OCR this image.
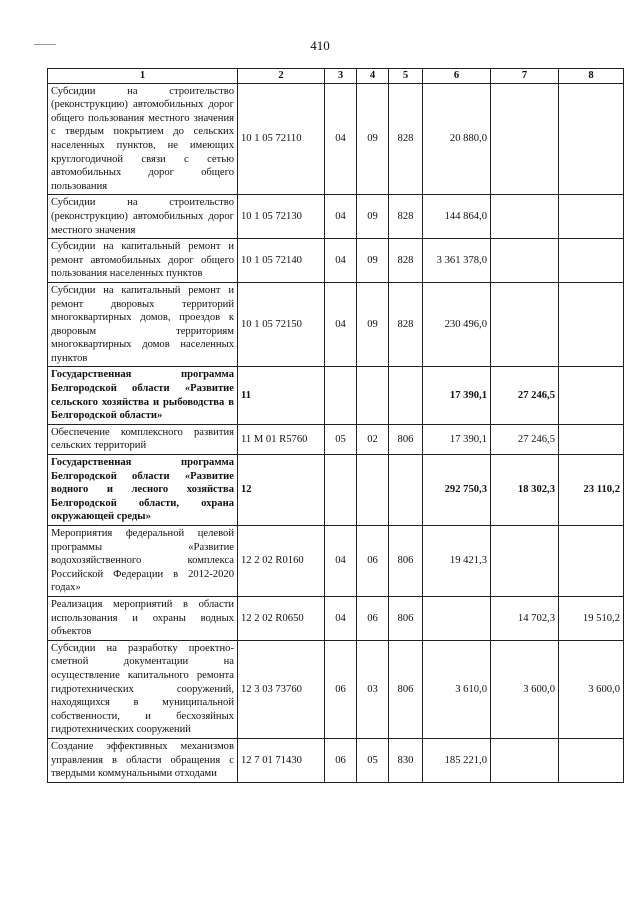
410
1	2	3	4	5	6	7	8
Субсидии на строительство (реконструкцию) автомобильных дорог общего пользования местного значения с твердым покрытием до сельских населенных пунктов, не имеющих круглогодичной связи с сетью автомобильных дорог общего пользования	10 1 05 72110	04	09	828	20 880,0		
Субсидии на строительство (реконструкцию) автомобильных дорог местного значения	10 1 05 72130	04	09	828	144 864,0		
Субсидии на капитальный ремонт и ремонт автомобильных дорог общего пользования населенных пунктов	10 1 05 72140	04	09	828	3 361 378,0		
Субсидии на капитальный ремонт и ремонт дворовых территорий многоквартирных домов, проездов к дворовым территориям многоквартирных домов населенных пунктов	10 1 05 72150	04	09	828	230 496,0		
Государственная программа Белгородской области «Развитие сельского хозяйства и рыбоводства в Белгородской области»	11				17 390,1	27 246,5	
Обеспечение комплексного развития сельских территорий	11 М 01 R5760	05	02	806	17 390,1	27 246,5	
Государственная программа Белгородской области «Развитие водного и лесного хозяйства Белгородской области, охрана окружающей среды»	12				292 750,3	18 302,3	23 110,2
Мероприятия федеральной целевой программы «Развитие водохозяйственного комплекса Российской Федерации в 2012-2020 годах»	12 2 02 R0160	04	06	806	19 421,3		
Реализация мероприятий в области использования и охраны водных объектов	12 2 02 R0650	04	06	806		14 702,3	19 510,2
Субсидии на разработку проектно-сметной документации на осуществление капитального ремонта гидротехнических сооружений, находящихся в муниципальной собственности, и бесхозяйных гидротехнических сооружений	12 3 03 73760	06	03	806	3 610,0	3 600,0	3 600,0
Создание эффективных механизмов управления в области обращения с твердыми коммунальными отходами	12 7 01 71430	06	05	830	185 221,0		
